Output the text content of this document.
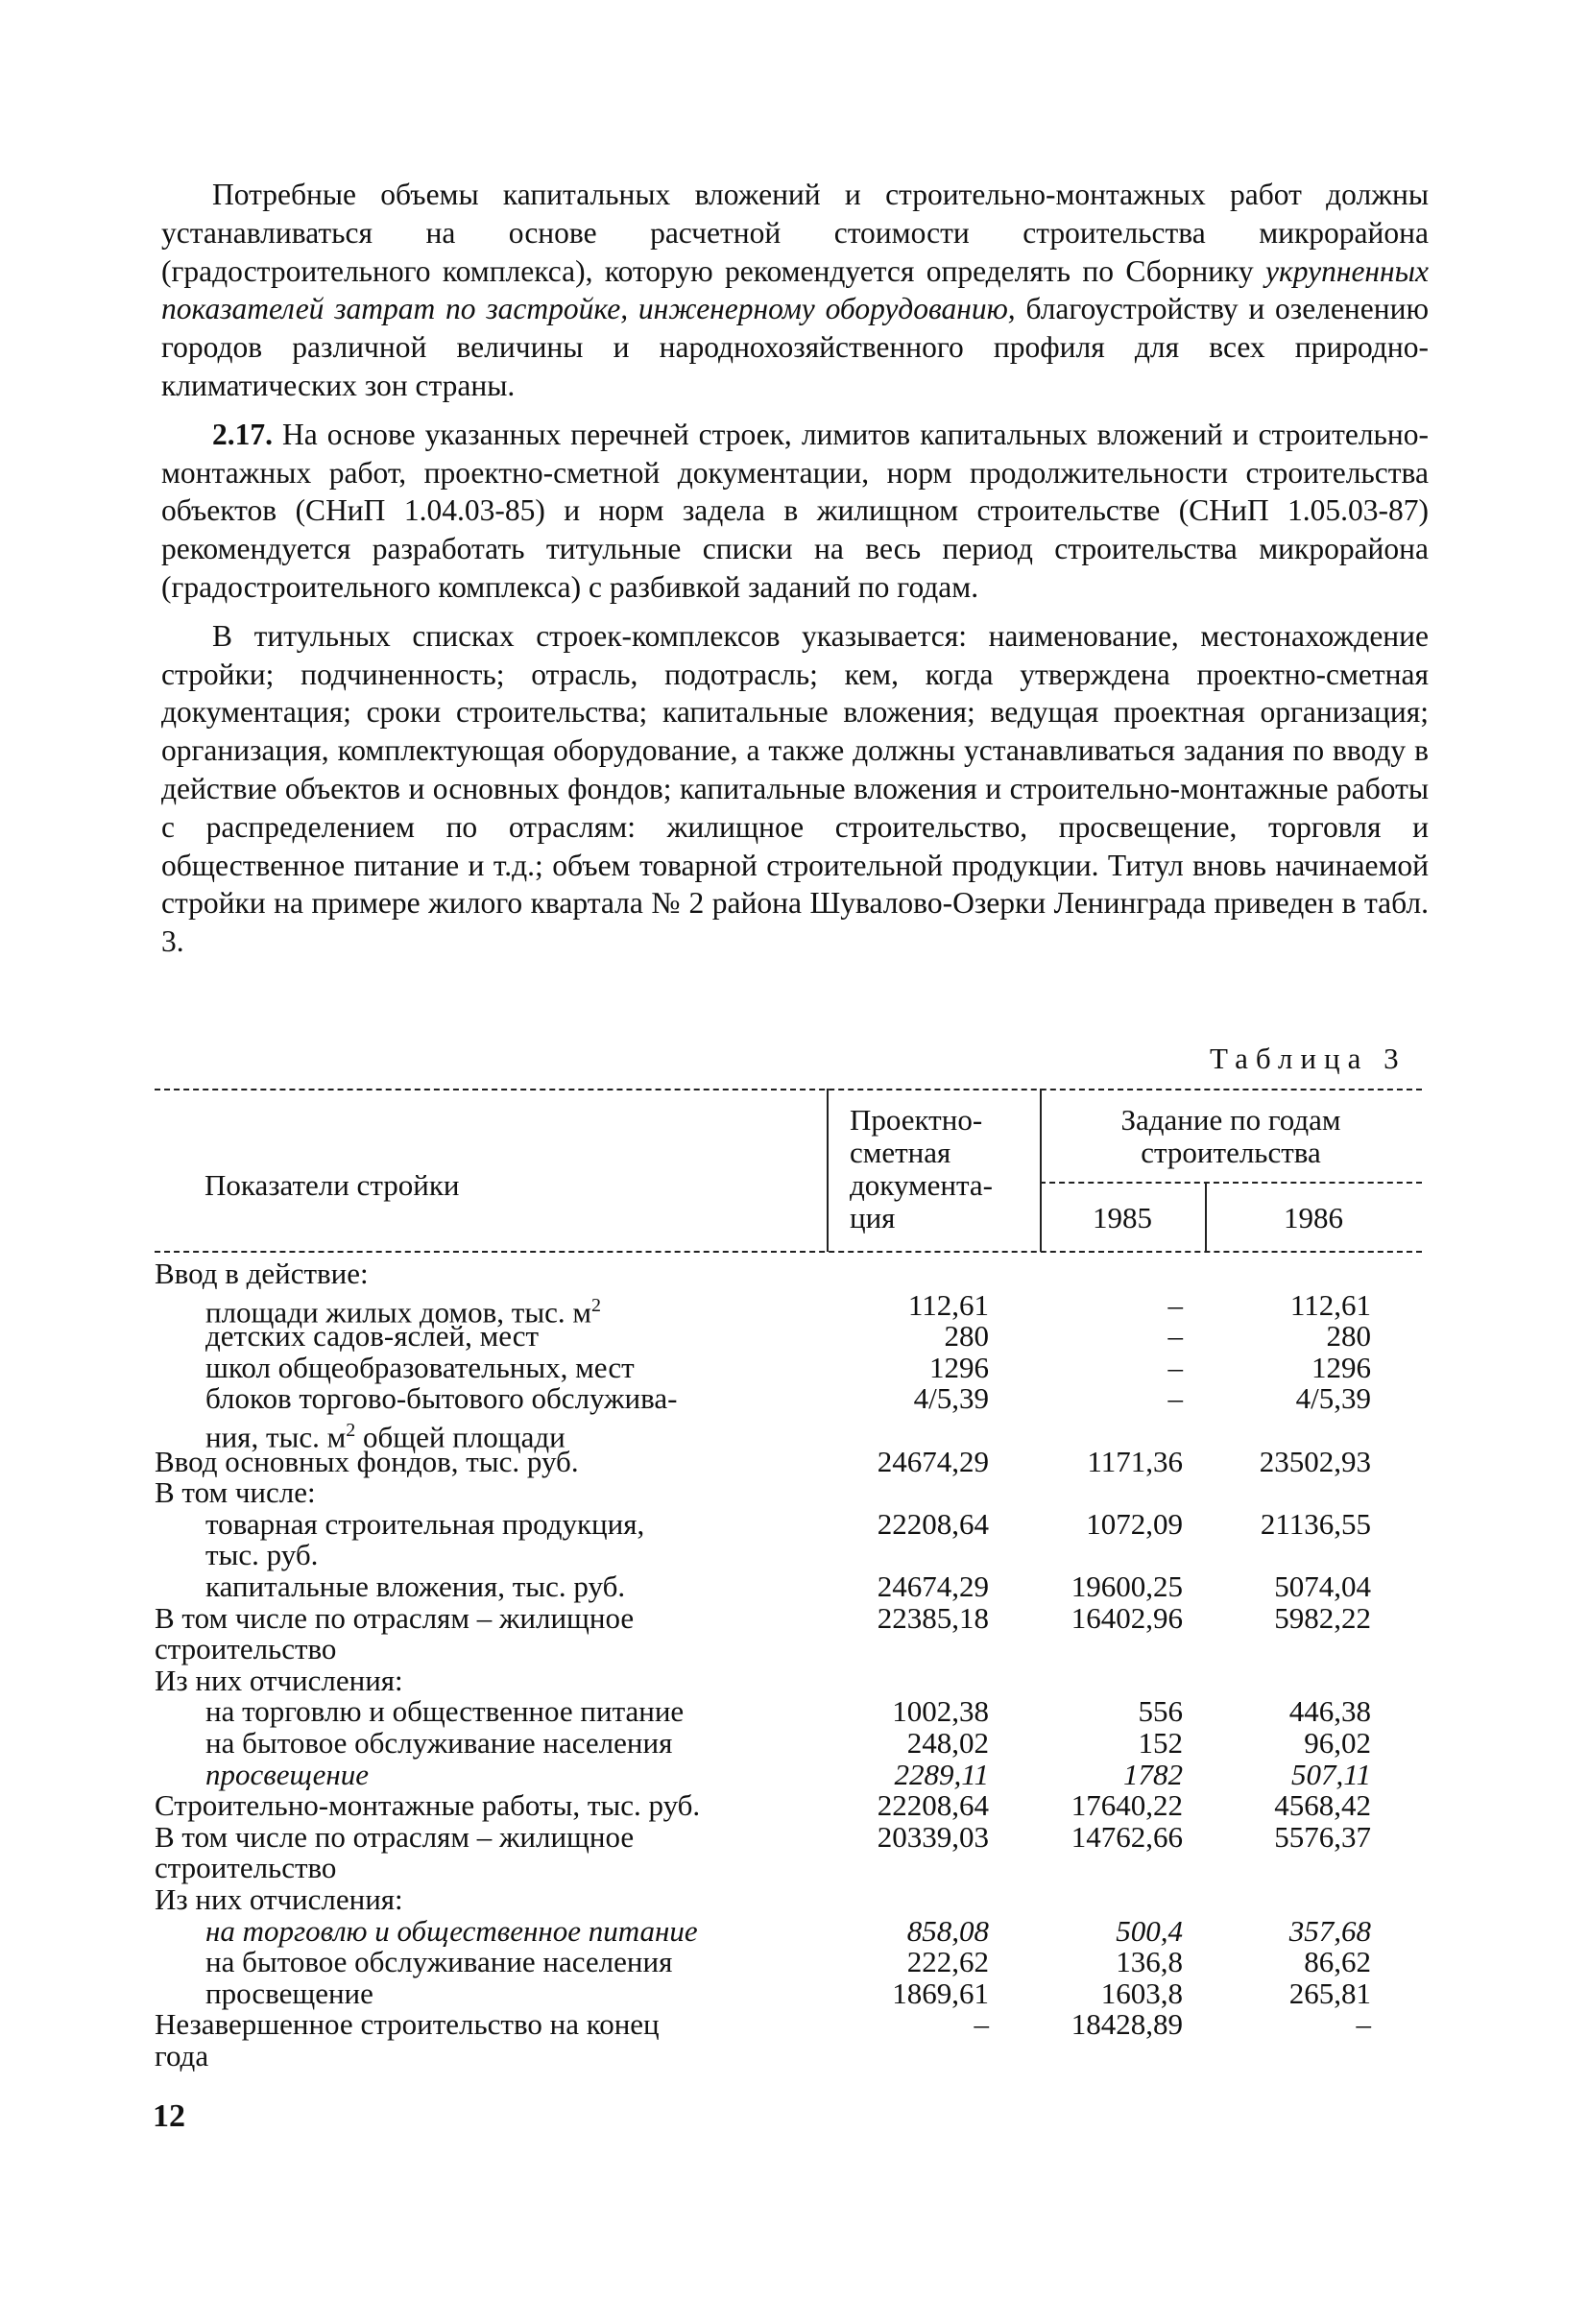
Потребные объемы капитальных вложений и строительно-монтажных работ должны устанавливаться на основе расчетной стоимости строительства микрорайона (градостроительного комплекса), которую рекомендуется определять по Сборнику укрупненных показателей затрат по застройке, инженерному оборудованию, благоустройству и озеленению городов различной величины и народнохозяйственного профиля для всех природно-климатических зон страны.

2.17. На основе указанных перечней строек, лимитов капитальных вложений и строительно-монтажных работ, проектно-сметной документации, норм продолжительности строительства объектов (СНиП 1.04.03-85) и норм задела в жилищном строительстве (СНиП 1.05.03-87) рекомендуется разработать титульные списки на весь период строительства микрорайона (градостроительного комплекса) с разбивкой заданий по годам.

В титульных списках строек-комплексов указывается: наименование, местонахождение стройки; подчиненность; отрасль, подотрасль; кем, когда утверждена проектно-сметная документация; сроки строительства; капитальные вложения; ведущая проектная организация; организация, комплектующая оборудование, а также должны устанавливаться задания по вводу в действие объектов и основных фондов; капитальные вложения и строительно-монтажные работы с распределением по отраслям: жилищное строительство, просвещение, торговля и общественное питание и т.д.; объем товарной строительной продукции. Титул вновь начинаемой стройки на примере жилого квартала № 2 района Шувалово-Озерки Ленинграда приведен в табл. 3.

Таблица 3
Показатели стройки
Проектно-
сметная
документа-
ция
Задание по годам
строительства
1985	1986
Ввод в действие:
площади жилых домов, тыс. $м^2$	112,61	–	112,61
детских садов-яслей, мест	280	–	280
школ общеобразовательных, мест	1296	–	1296
блоков торгово-бытового обслужива-	4/5,39	–	4/5,39
ния, тыс. $м^2$ общей площади
Ввод основных фондов, тыс. руб.	24674,29	1171,36	23502,93
В том числе:
товарная строительная продукция,	22208,64	1072,09	21136,55
тыс. руб.
капитальные вложения, тыс. руб.	24674,29	19600,25	5074,04
В том числе по отраслям – жилищное	22385,18	16402,96	5982,22
строительство
Из них отчисления:
на торговлю и общественное питание	1002,38	556	446,38
на бытовое обслуживание населения	248,02	152	96,02
просвещение	2289,11	1782	507,11
Строительно-монтажные работы, тыс. руб.	22208,64	17640,22	4568,42
В том числе по отраслям – жилищное	20339,03	14762,66	5576,37
строительство
Из них отчисления:
на торговлю и общественное питание	858,08	500,4	357,68
на бытовое обслуживание населения	222,62	136,8	86,62
просвещение	1869,61	1603,8	265,81
Незавершенное строительство на конец	–	18428,89	–
года
12
